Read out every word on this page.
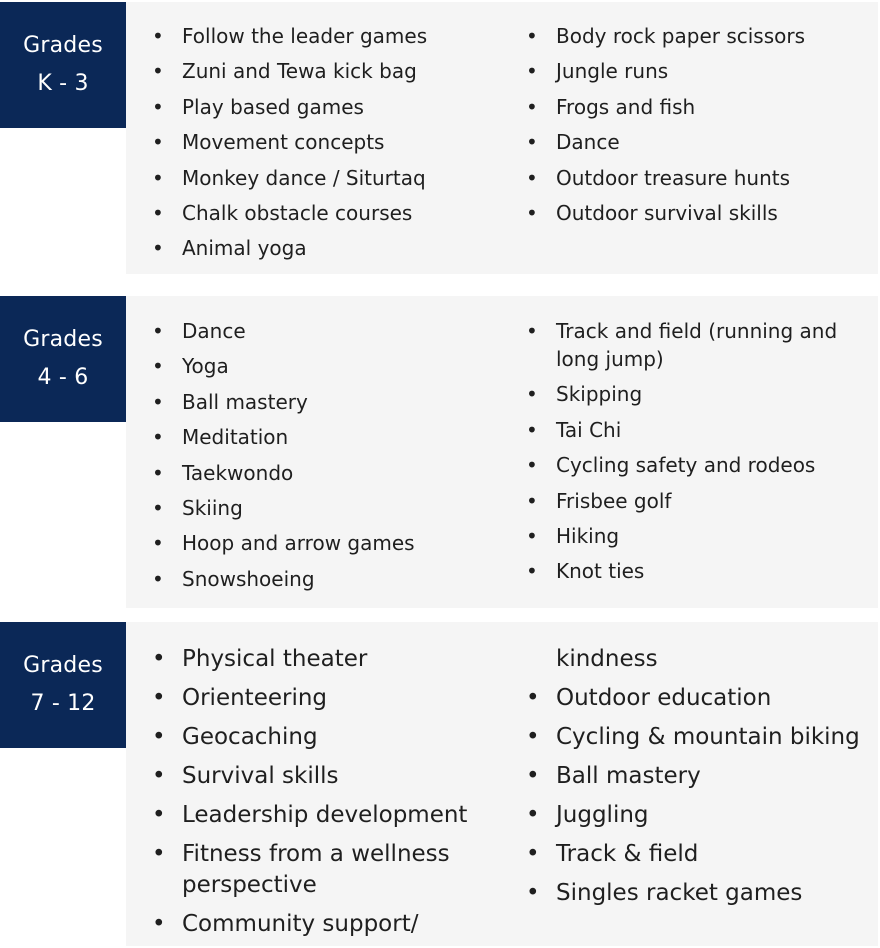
Grades
K - 3
• Follow the leader games
• Zuni and Tewa kick bag
• Play based games
• Movement concepts
• Monkey dance / Siturtaq
• Chalk obstacle courses
• Animal yoga
• Body rock paper scissors
• Jungle runs
• Frogs and fish
• Dance
• Outdoor treasure hunts
• Outdoor survival skills
Grades
4 - 6
• Dance
• Yoga
• Ball mastery
• Meditation
• Taekwondo
• Skiing
• Hoop and arrow games
• Snowshoeing
• Track and field (running and long jump)
• Skipping
• Tai Chi
• Cycling safety and rodeos
• Frisbee golf
• Hiking
• Knot ties
Grades
7 - 12
• Physical theater
• Orienteering
• Geocaching
• Survival skills
• Leadership development
• Fitness from a wellness perspective
• Community support/
kindness
• Outdoor education
• Cycling & mountain biking
• Ball mastery
• Juggling
• Track & field
• Singles racket games
